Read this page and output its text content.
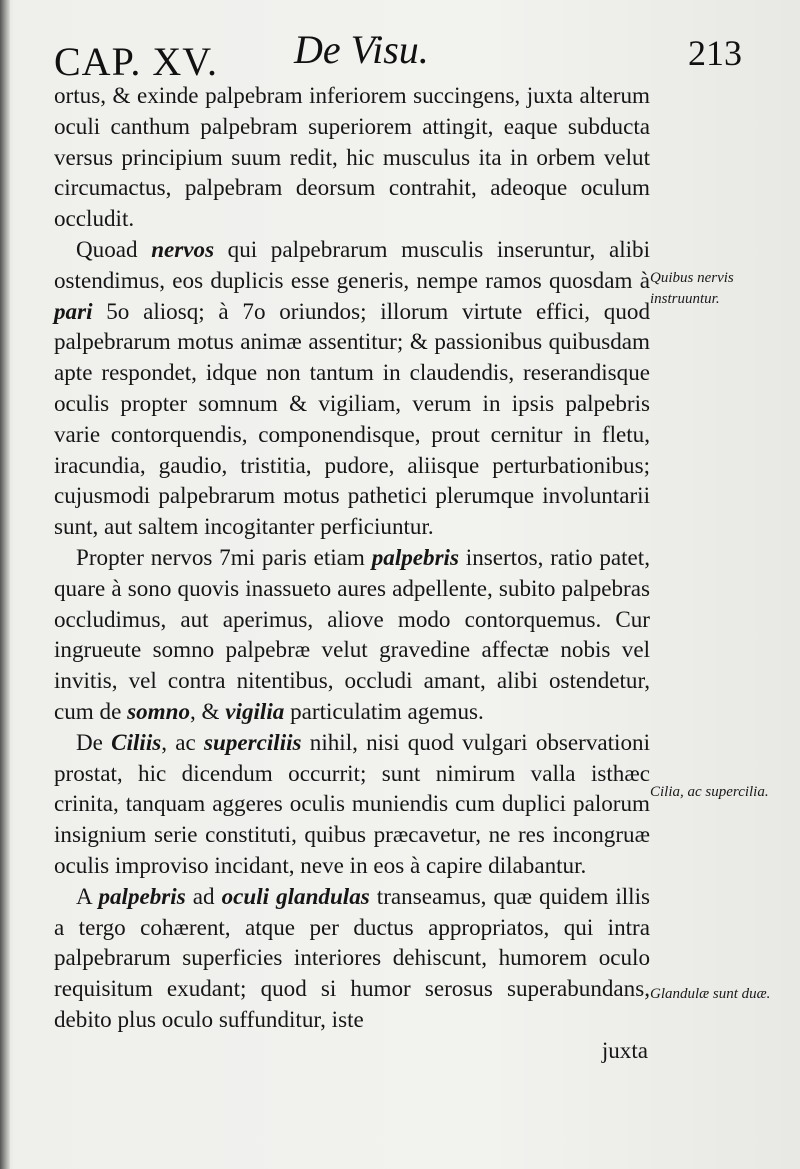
CAP. XV. De Visu.	213

ortus, & exinde palpebram inferiorem succingens, juxta alterum oculi canthum palpebram superiorem attingit, eaque subducta versus principium suum redit, hic musculus ita in orbem velut circumactus, palpebram deorsum contrahit, adeoque oculum occludit.

Quoad nervos qui palpebrarum musculis inseruntur, alibi ostendimus, eos duplicis esse generis, nempe ramos quosdam à pari 5o aliosq; à 7o oriundos; illorum virtute effici, quod palpebrarum motus animæ assentitur; & passionibus quibusdam apte respondet, idque non tantum in claudendis, reserandisque oculis propter somnum & vigiliam, verum in ipsis palpebris varie contorquendis, componendisque, prout cernitur in fletu, iracundia, gaudio, tristitia, pudore, aliisque perturbationibus; cujusmodi palpebrarum motus pathetici plerumque involuntarii sunt, aut saltem incogitanter perficiuntur.

Propter nervos 7mi paris etiam palpebris insertos, ratio patet, quare à sono quovis inassueto aures adpellente, subito palpebras occludimus, aut aperimus, aliove modo contorquemus. Cur ingrueute somno palpebræ velut gravedine affectæ nobis vel invitis, vel contra nitentibus, occludi amant, alibi ostendetur, cum de somno, & vigilia particulatim agemus.

De Ciliis, ac superciliis nihil, nisi quod vulgari observationi prostat, hic dicendum occurrit; sunt nimirum valla isthæc crinita, tanquam aggeres oculis muniendis cum duplici palorum insignium serie constituti, quibus præcavetur, ne res incongruæ oculis improviso incidant, neve in eos à capire dilabantur.

A palpebris ad oculi glandulas transeamus, quæ quidem illis a tergo cohærent, atque per ductus appropriatos, qui intra palpebrarum superficies interiores dehiscunt, humorem oculo requisitum exudant; quod si humor serosus superabundans, debito plus oculo suffunditur, iste

juxta

Quibus nervis instruuntur.
Cilia, ac supercilia.
Glandulæ sunt duæ.
